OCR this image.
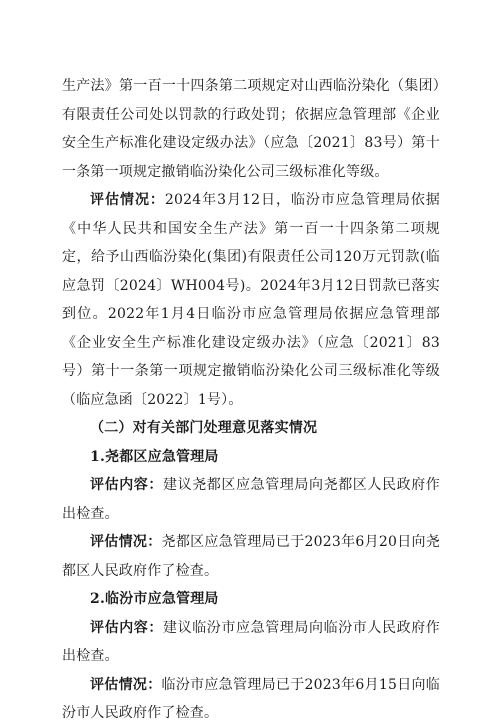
生产法》第一百一十四条第二项规定对山西临汾染化（集团）有限责任公司处以罚款的行政处罚；依据应急管理部《企业安全生产标准化建设定级办法》（应急〔2021〕83号）第十一条第一项规定撤销临汾染化公司三级标准化等级。

评估情况：2024年3月12日，临汾市应急管理局依据《中华人民共和国安全生产法》第一百一十四条第二项规定，给予山西临汾染化(集团)有限责任公司120万元罚款(临应急罚〔2024〕WH004号)。2024年3月12日罚款已落实到位。2022年1月4日临汾市应急管理局依据应急管理部《企业安全生产标准化建设定级办法》（应急〔2021〕83号）第十一条第一项规定撤销临汾染化公司三级标准化等级（临应急函〔2022〕1号）。

（二）对有关部门处理意见落实情况

1.尧都区应急管理局

评估内容：建议尧都区应急管理局向尧都区人民政府作出检查。

评估情况：尧都区应急管理局已于2023年6月20日向尧都区人民政府作了检查。

2.临汾市应急管理局

评估内容：建议临汾市应急管理局向临汾市人民政府作出检查。

评估情况：临汾市应急管理局已于2023年6月15日向临汾市人民政府作了检查。
